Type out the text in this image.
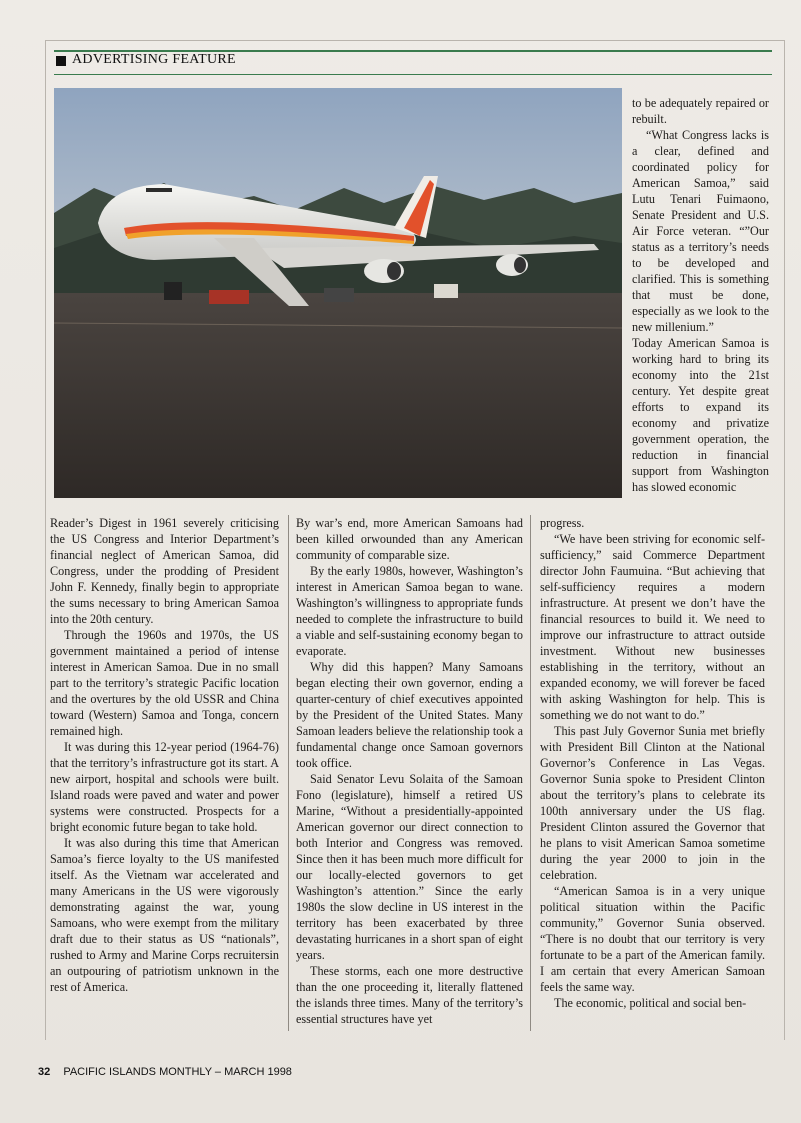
ADVERTISING FEATURE

to be adequately repaired or rebuilt.

“What Congress lacks is a clear, defined and coordinated policy for American Samoa,” said Lutu Tenari Fuimaono, Senate President and U.S. Air Force veteran. “”Our status as a territory’s needs to be developed and clarified. This is something that must be done, especially as we look to the new millenium.”

Today American Samoa is working hard to bring its economy into the 21st century. Yet despite great efforts to expand its economy and privatize government operation, the reduction in financial support from Washington has slowed economic

Reader’s Digest in 1961 severely criticising the US Congress and Interior Department’s financial neglect of American Samoa, did Congress, under the prodding of President John F. Kennedy, finally begin to appropriate the sums necessary to bring American Samoa into the 20th century.

Through the 1960s and 1970s, the US government maintained a period of intense interest in American Samoa. Due in no small part to the territory’s strategic Pacific location and the overtures by the old USSR and China toward (Western) Samoa and Tonga, concern remained high.

It was during this 12-year period (1964-76) that the territory’s infrastructure got its start. A new airport, hospital and schools were built. Island roads were paved and water and power systems were constructed. Prospects for a bright economic future began to take hold.

It was also during this time that American Samoa’s fierce loyalty to the US manifested itself. As the Vietnam war accelerated and many Americans in the US were vigorously demonstrating against the war, young Samoans, who were exempt from the military draft due to their status as US “nationals”, rushed to Army and Marine Corps recruitersin an outpouring of patriotism unknown in the rest of America.

By war’s end, more American Samoans had been killed orwounded than any American community of comparable size.

By the early 1980s, however, Washington’s interest in American Samoa began to wane. Washington’s willingness to appropriate funds needed to complete the infrastructure to build a viable and self-sustaining economy began to evaporate.

Why did this happen? Many Samoans began electing their own governor, ending a quarter-century of chief executives appointed by the President of the United States. Many Samoan leaders believe the relationship took a fundamental change once Samoan governors took office.

Said Senator Levu Solaita of the Samoan Fono (legislature), himself a retired US Marine, “Without a presidentially-appointed American governor our direct connection to both Interior and Congress was removed. Since then it has been much more difficult for our locally-elected governors to get Washington’s attention.” Since the early 1980s the slow decline in US interest in the territory has been exacerbated by three devastating hurricanes in a short span of eight years.

These storms, each one more destructive than the one proceeding it, literally flattened the islands three times. Many of the territory’s essential structures have yet

progress.

“We have been striving for economic self-sufficiency,” said Commerce Department director John Faumuina. “But achieving that self-sufficiency requires a modern infrastructure. At present we don’t have the financial resources to build it. We need to improve our infrastructure to attract outside investment. Without new businesses establishing in the territory, without an expanded economy, we will forever be faced with asking Washington for help. This is something we do not want to do.”

This past July Governor Sunia met briefly with President Bill Clinton at the National Governor’s Conference in Las Vegas. Governor Sunia spoke to President Clinton about the territory’s plans to celebrate its 100th anniversary under the US flag. President Clinton assured the Governor that he plans to visit American Samoa sometime during the year 2000 to join in the celebration.

“American Samoa is in a very unique political situation within the Pacific community,” Governor Sunia observed. “There is no doubt that our territory is very fortunate to be a part of the American family. I am certain that every American Samoan feels the same way.

The economic, political and social ben-

32 PACIFIC ISLANDS MONTHLY – MARCH 1998
